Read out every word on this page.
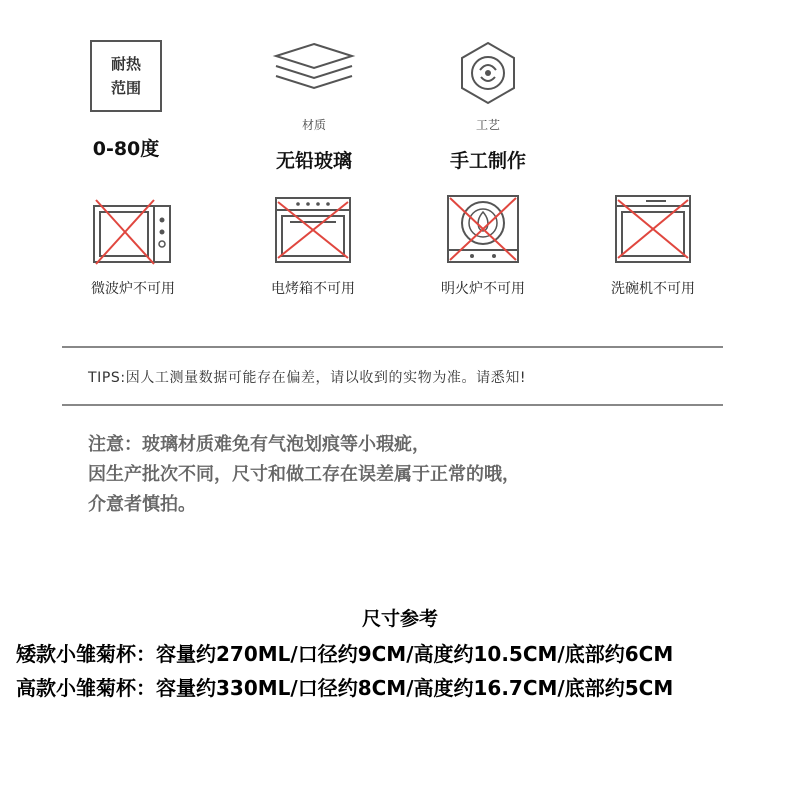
耐热
范围
0-80度
材质
无铅玻璃
工艺
手工制作
微波炉不可用	电烤箱不可用	明火炉不可用	洗碗机不可用
TIPS:因人工测量数据可能存在偏差，请以收到的实物为准。请悉知!
注意：玻璃材质难免有气泡划痕等小瑕疵，
因生产批次不同，尺寸和做工存在误差属于正常的哦，
介意者慎拍。
尺寸参考
矮款小雏菊杯：容量约270ML/口径约9CM/高度约10.5CM/底部约6CM
高款小雏菊杯：容量约330ML/口径约8CM/高度约16.7CM/底部约5CM
